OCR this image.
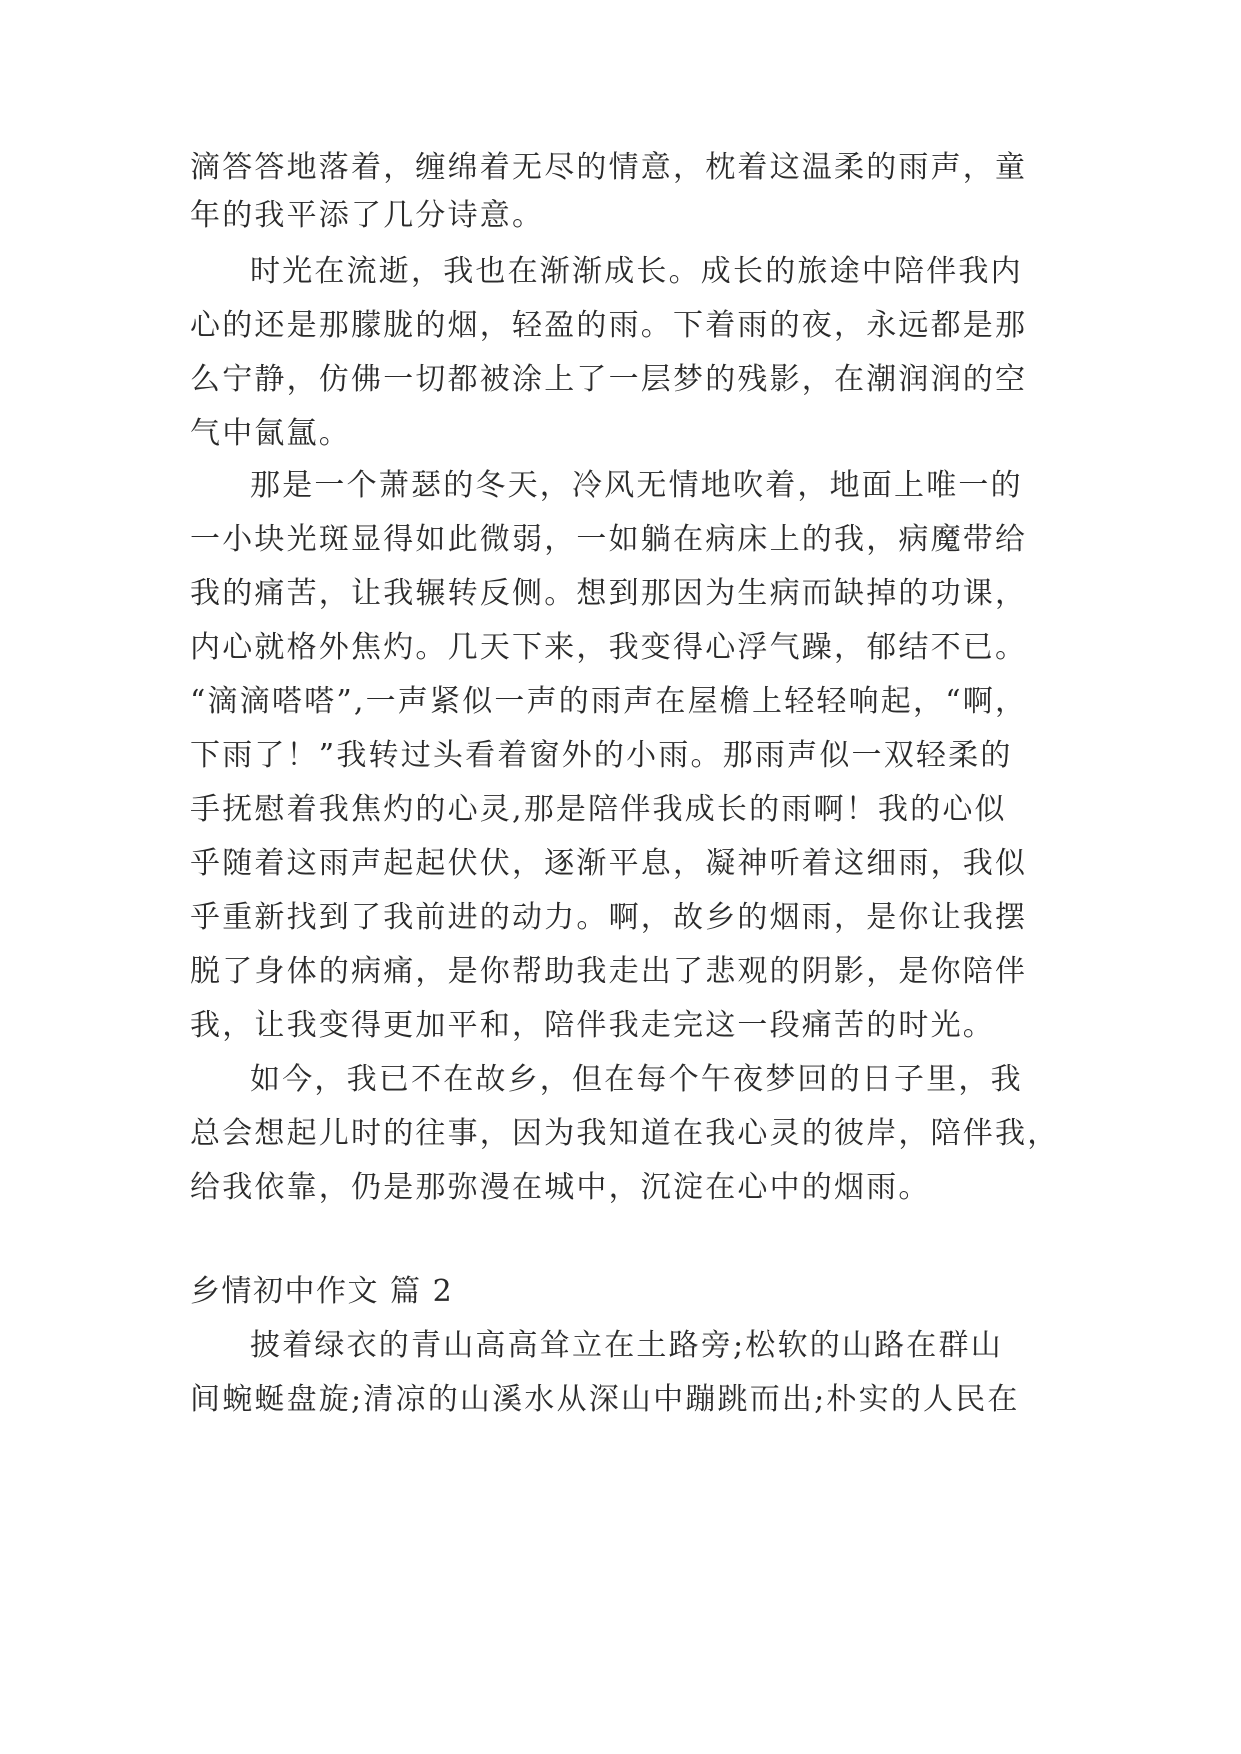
滴答答地落着，缠绵着无尽的情意，枕着这温柔的雨声，童
年的我平添了几分诗意。
时光在流逝，我也在渐渐成长。成长的旅途中陪伴我内
心的还是那朦胧的烟，轻盈的雨。下着雨的夜，永远都是那
么宁静，仿佛一切都被涂上了一层梦的残影，在潮润润的空
气中氤氲。
那是一个萧瑟的冬天，冷风无情地吹着，地面上唯一的
一小块光斑显得如此微弱，一如躺在病床上的我，病魔带给
我的痛苦，让我辗转反侧。想到那因为生病而缺掉的功课，
内心就格外焦灼。几天下来，我变得心浮气躁，郁结不已。
“滴滴嗒嗒”,一声紧似一声的雨声在屋檐上轻轻响起，“啊，
下雨了！”我转过头看着窗外的小雨。那雨声似一双轻柔的
手抚慰着我焦灼的心灵,那是陪伴我成长的雨啊！我的心似
乎随着这雨声起起伏伏，逐渐平息，凝神听着这细雨，我似
乎重新找到了我前进的动力。啊，故乡的烟雨，是你让我摆
脱了身体的病痛，是你帮助我走出了悲观的阴影，是你陪伴
我，让我变得更加平和，陪伴我走完这一段痛苦的时光。
如今，我已不在故乡，但在每个午夜梦回的日子里，我
总会想起儿时的往事，因为我知道在我心灵的彼岸，陪伴我，
给我依靠，仍是那弥漫在城中，沉淀在心中的烟雨。
乡情初中作文 篇 2
披着绿衣的青山高高耸立在土路旁;松软的山路在群山
间蜿蜒盘旋;清凉的山溪水从深山中蹦跳而出;朴实的人民在
